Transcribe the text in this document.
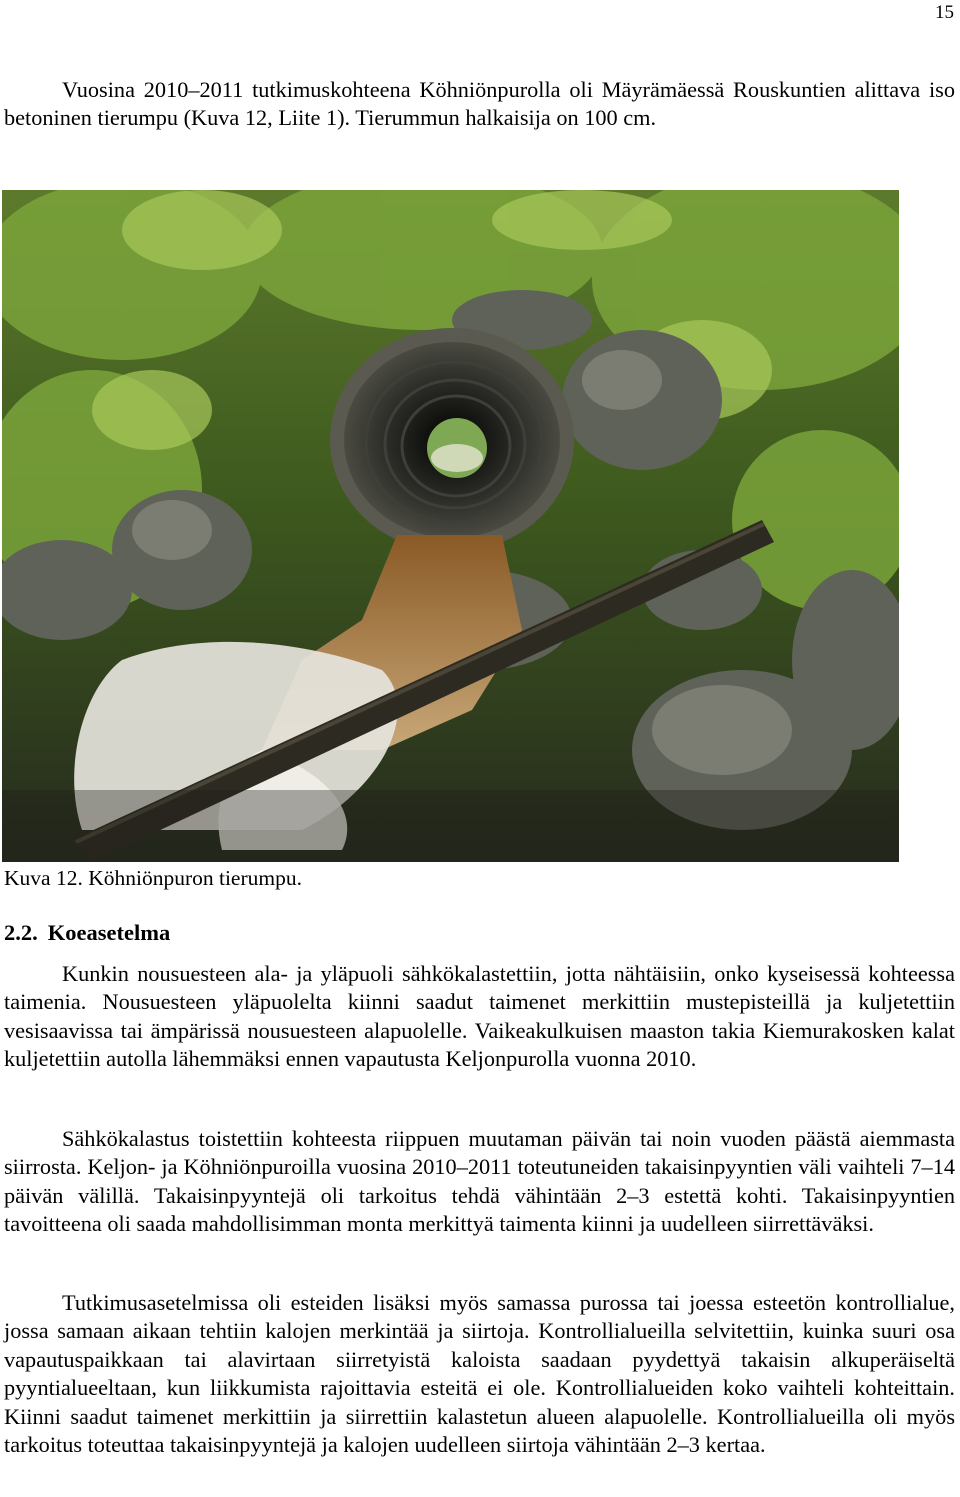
15

Vuosina 2010–2011 tutkimuskohteena Köhniönpurolla oli Mäyrämäessä Rouskuntien alittava iso betoninen tierumpu (Kuva 12, Liite 1). Tierummun halkaisija on 100 cm.

Kuva 12. Köhniönpuron tierumpu.
2.2. Koeasetelma

Kunkin nousuesteen ala- ja yläpuoli sähkökalastettiin, jotta nähtäisiin, onko kyseisessä kohteessa taimenia. Nousuesteen yläpuolelta kiinni saadut taimenet merkittiin mustepisteillä ja kuljetettiin vesisaavissa tai ämpärissä nousuesteen alapuolelle. Vaikeakulkuisen maaston takia Kiemurakosken kalat kuljetettiin autolla lähemmäksi ennen vapautusta Keljonpurolla vuonna 2010.

Sähkökalastus toistettiin kohteesta riippuen muutaman päivän tai noin vuoden päästä aiemmasta siirrosta. Keljon- ja Köhniönpuroilla vuosina 2010–2011 toteutuneiden takaisinpyyntien väli vaihteli 7–14 päivän välillä. Takaisinpyyntejä oli tarkoitus tehdä vähintään 2–3 estettä kohti. Takaisinpyyntien tavoitteena oli saada mahdollisimman monta merkittyä taimenta kiinni ja uudelleen siirrettäväksi.

Tutkimusasetelmissa oli esteiden lisäksi myös samassa purossa tai joessa esteetön kontrollialue, jossa samaan aikaan tehtiin kalojen merkintää ja siirtoja. Kontrollialueilla selvitettiin, kuinka suuri osa vapautuspaikkaan tai alavirtaan siirretyistä kaloista saadaan pyydettyä takaisin alkuperäiseltä pyyntialueeltaan, kun liikkumista rajoittavia esteitä ei ole. Kontrollialueiden koko vaihteli kohteittain. Kiinni saadut taimenet merkittiin ja siirrettiin kalastetun alueen alapuolelle. Kontrollialueilla oli myös tarkoitus toteuttaa takaisinpyyntejä ja kalojen uudelleen siirtoja vähintään 2–3 kertaa.
